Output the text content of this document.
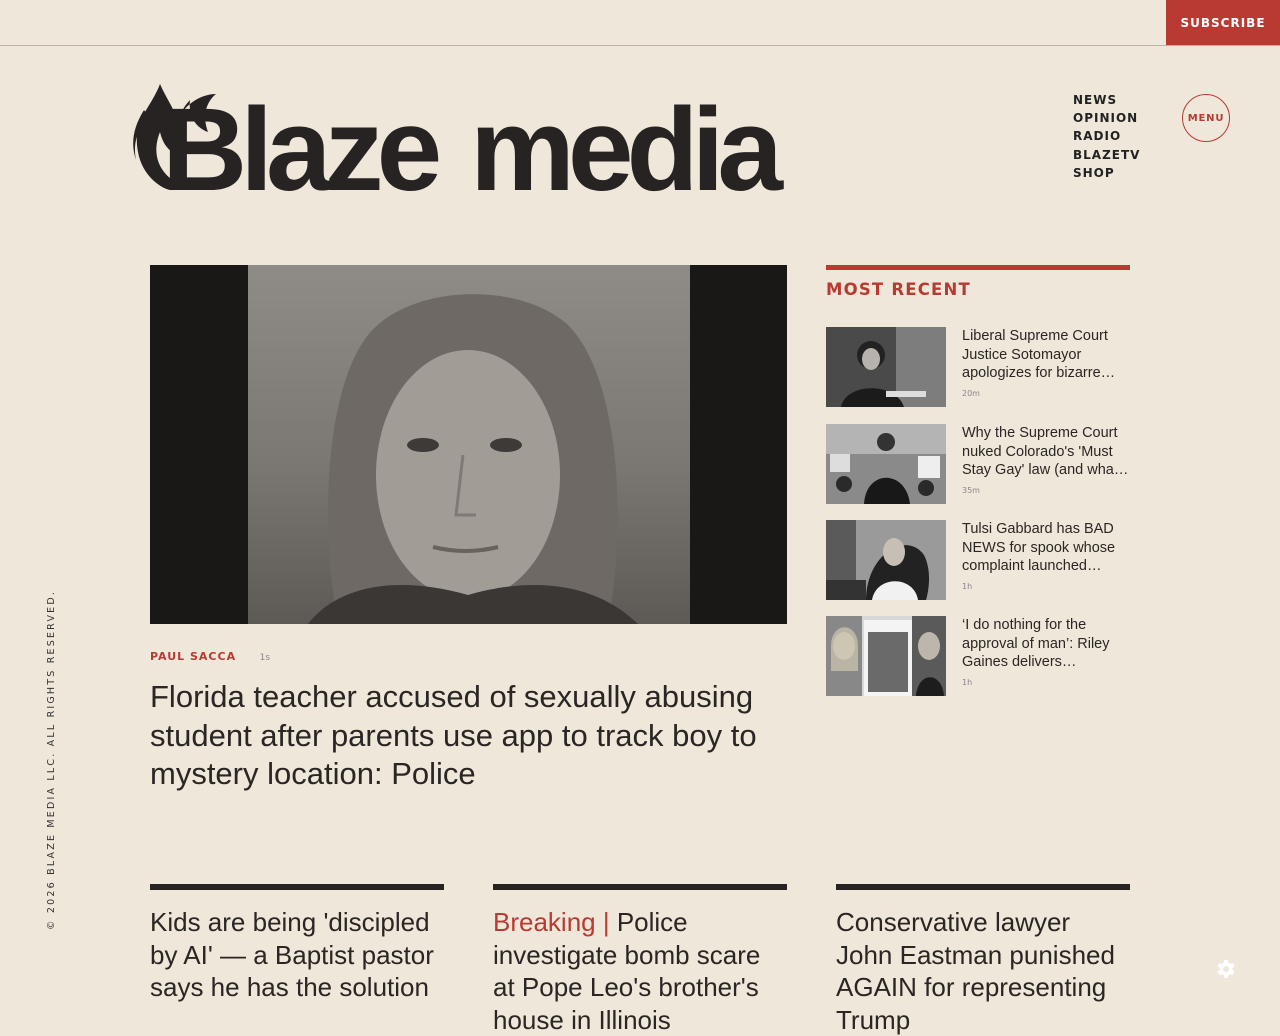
SUBSCRIBE
Blaze media	NEWS
OPINION
RADIO
BLAZETV
SHOP
MENU
© 2026 BLAZE MEDIA LLC. ALL RIGHTS RESERVED.	PAUL SACCA	1s
Florida teacher accused of sexually abusing student after parents use app to track boy to mystery location: Police
MOST RECENT
Liberal Supreme Court Justice Sotomayor apologizes for bizarre…
20m
Why the Supreme Court nuked Colorado's 'Must Stay Gay' law (and wha…
35m
Tulsi Gabbard has BAD NEWS for spook whose complaint launched…
1h
‘I do nothing for the approval of man’: Riley Gaines delivers…
1h
Kids are being 'discipled by AI' — a Baptist pastor says he has the solution
Breaking | Police investigate bomb scare at Pope Leo's brother's house in Illinois
Conservative lawyer John Eastman punished AGAIN for representing Trump
